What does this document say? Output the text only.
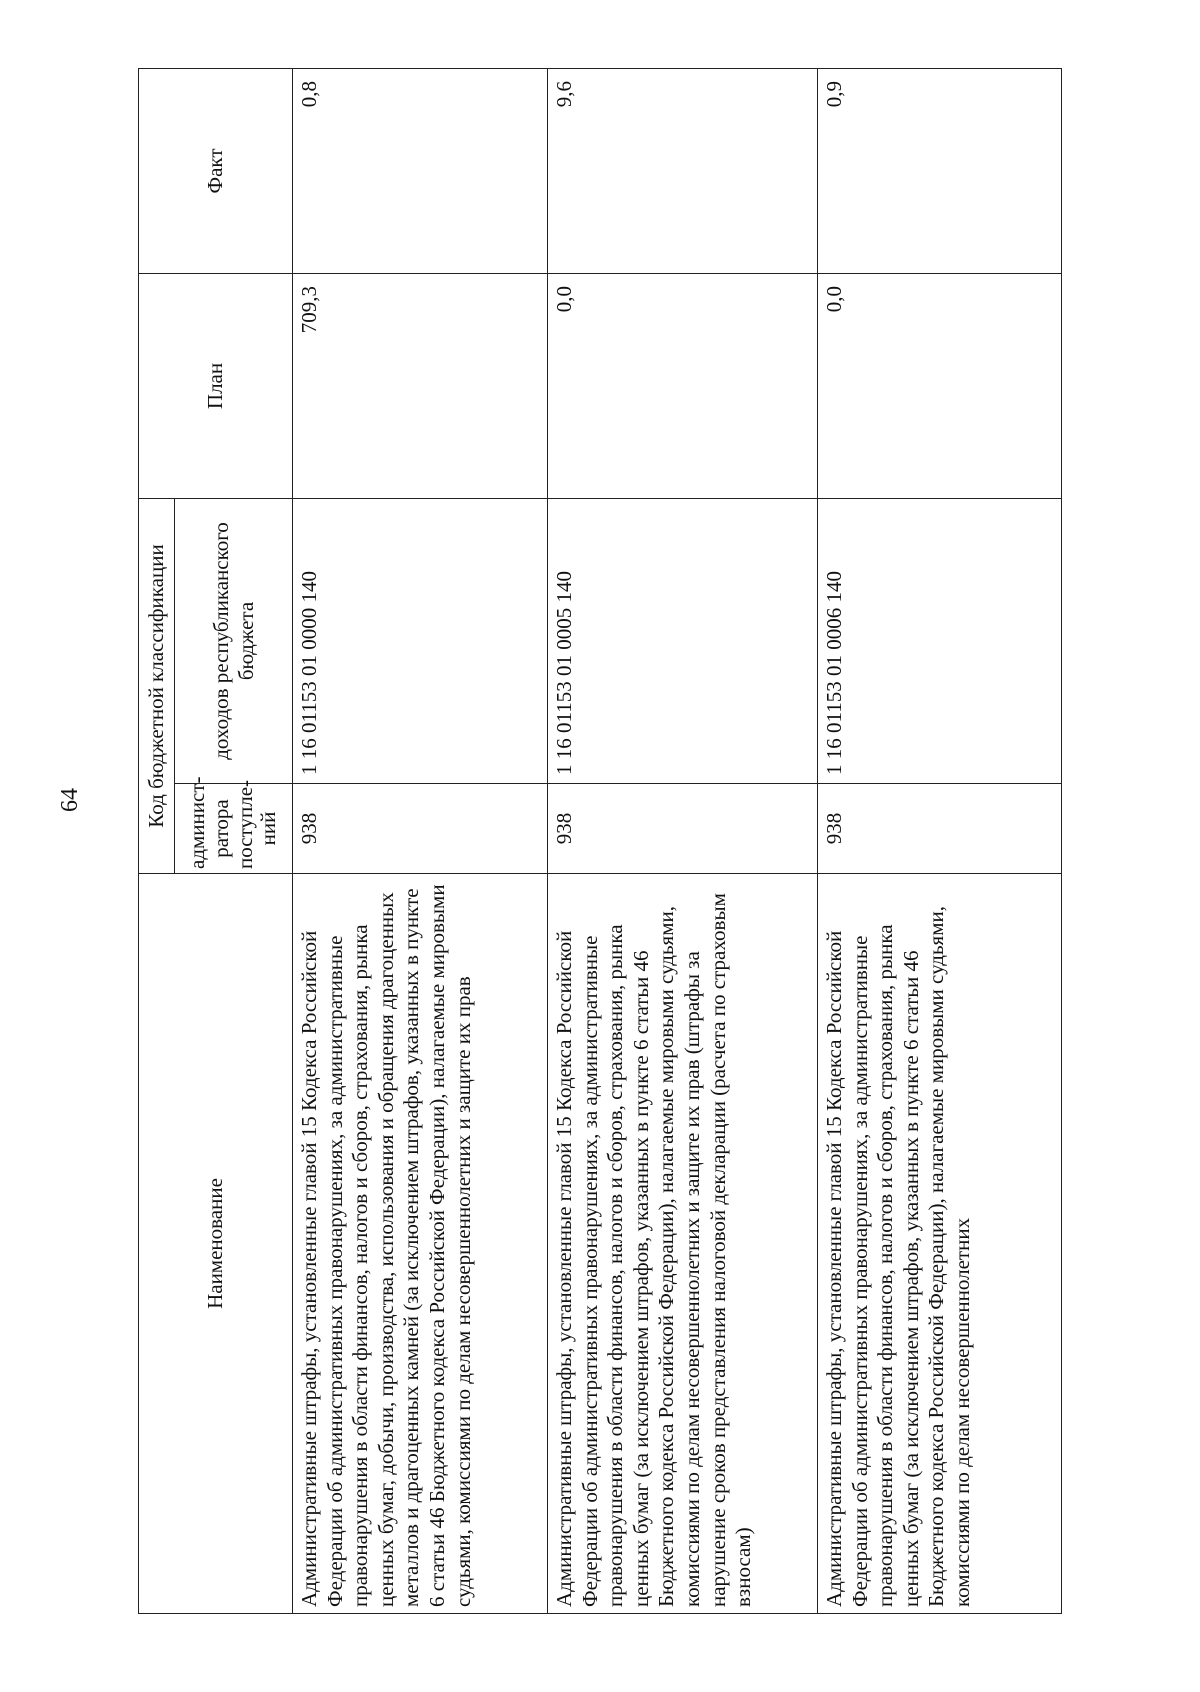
64
Наименование	Код бюджетной классификации		План	Факт
	админист-ратора поступле-ний	доходов республиканского бюджета		
Административные штрафы, установленные главой 15 Кодекса Российской Федерации об административных правонарушениях, за административные правонарушения в области финансов, налогов и сборов, страхования, рынка ценных бумаг, добычи, производства, использования и обращения драгоценных металлов и драгоценных камней (за исключением штрафов, указанных в пункте 6 статьи 46 Бюджетного кодекса Российской Федерации), налагаемые мировыми судьями, комиссиями по делам несовершеннолетних и защите их прав	938	1 16 01153 01 0000 140	709,3	0,8
Административные штрафы, установленные главой 15 Кодекса Российской Федерации об административных правонарушениях, за административные правонарушения в области финансов, налогов и сборов, страхования, рынка ценных бумаг (за исключением штрафов, указанных в пункте 6 статьи 46 Бюджетного кодекса Российской Федерации), налагаемые мировыми судьями, комиссиями по делам несовершеннолетних и защите их прав (штрафы за нарушение сроков представления налоговой декларации (расчета по страховым взносам)	938	1 16 01153 01 0005 140	0,0	9,6
Административные штрафы, установленные главой 15 Кодекса Российской Федерации об административных правонарушениях, за административные правонарушения в области финансов, налогов и сборов, страхования, рынка ценных бумаг (за исключением штрафов, указанных в пункте 6 статьи 46 Бюджетного кодекса Российской Федерации), налагаемые мировыми судьями, комиссиями по делам несовершеннолетних	938	1 16 01153 01 0006 140	0,0	0,9
